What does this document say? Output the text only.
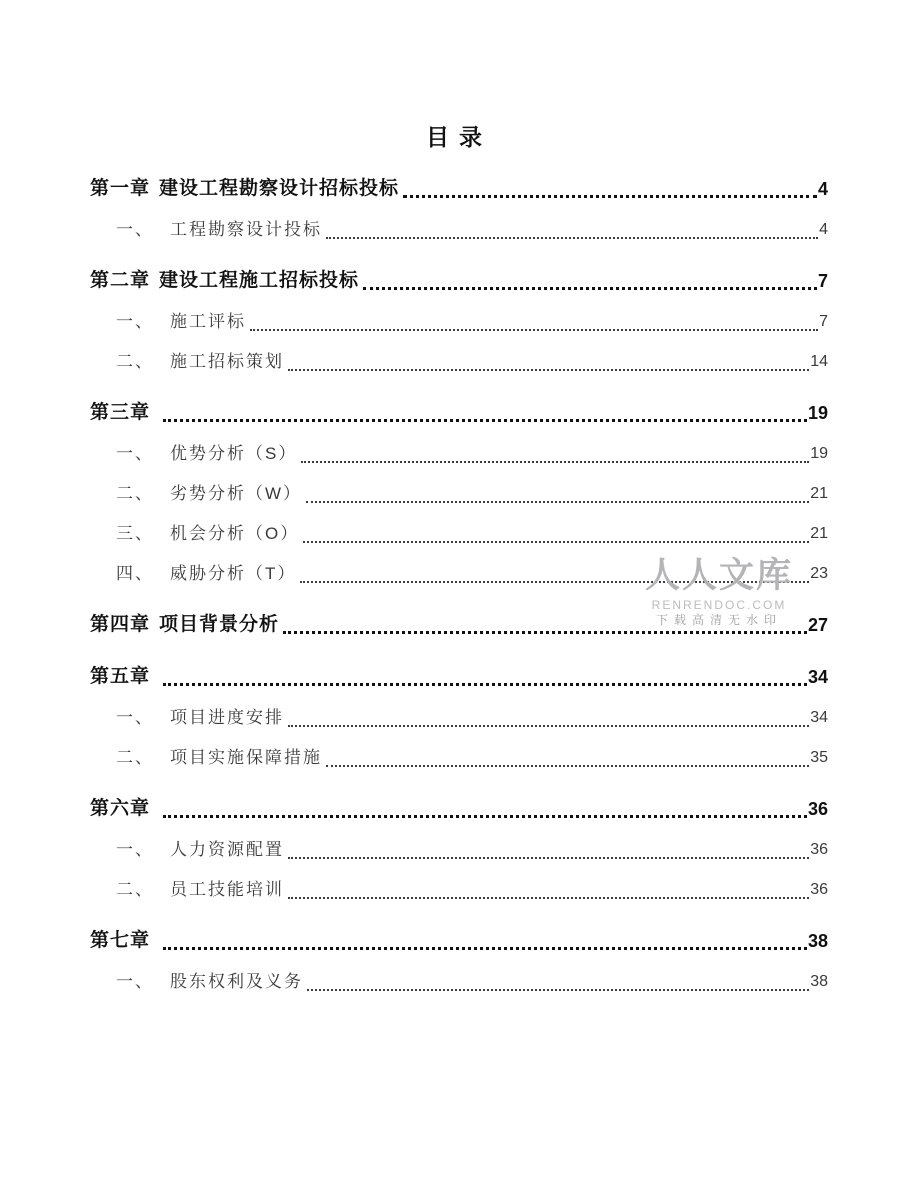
目录
第一章 建设工程勘察设计招标投标	4
一、 工程勘察设计投标	4
第二章 建设工程施工招标投标	7
一、 施工评标	7
二、 施工招标策划	14
第三章	19
一、 优势分析（S）	19
二、 劣势分析（W）	21
三、 机会分析（O）	21
四、 威胁分析（T）	23
第四章 项目背景分析	27
第五章	34
一、 项目进度安排	34
二、 项目实施保障措施	35
第六章	36
一、 人力资源配置	36
二、 员工技能培训	36
第七章	38
一、 股东权利及义务	38
人人文库
RENRENDOC.COM
下载高清无水印
